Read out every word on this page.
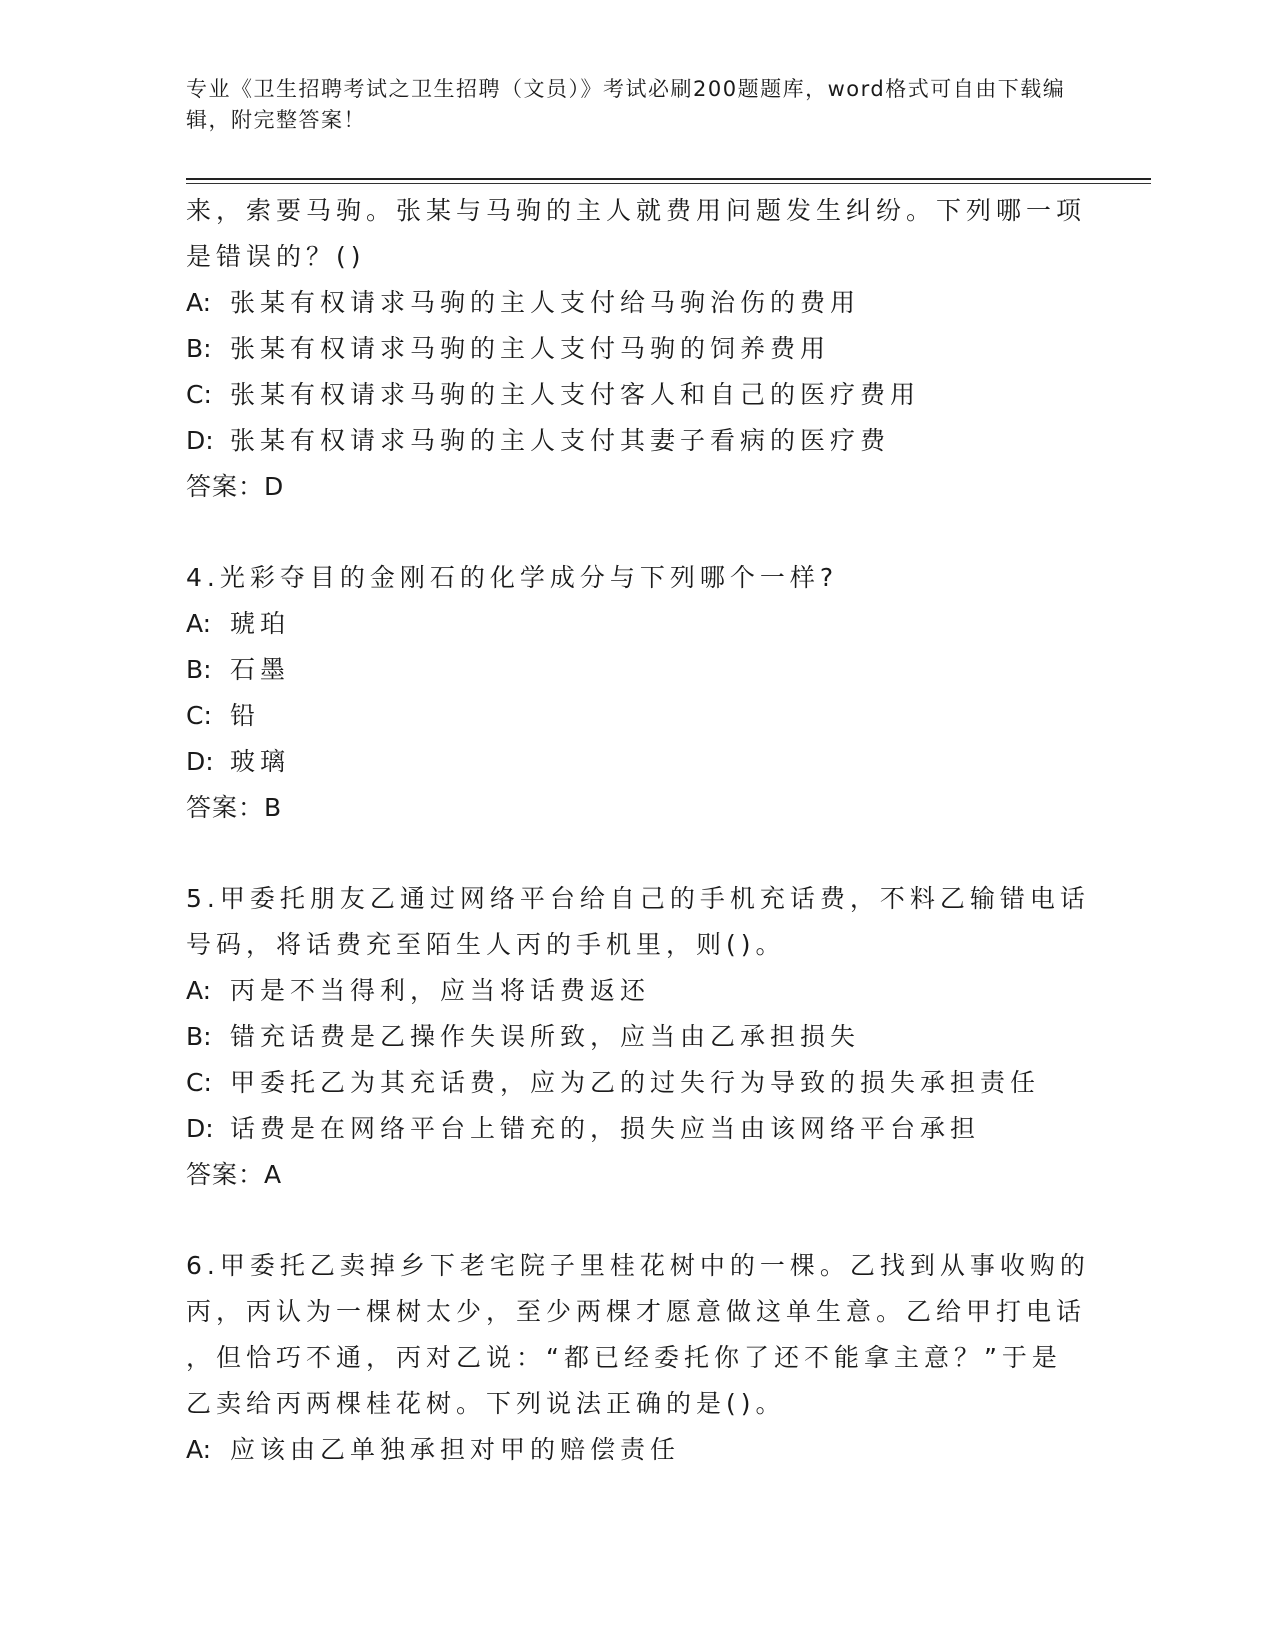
专业《卫生招聘考试之卫生招聘（文员）》考试必刷200题题库，word格式可自由下载编辑，附完整答案！
来，索要马驹。张某与马驹的主人就费用问题发生纠纷。下列哪一项
是错误的？()
A: 张某有权请求马驹的主人支付给马驹治伤的费用
B: 张某有权请求马驹的主人支付马驹的饲养费用
C: 张某有权请求马驹的主人支付客人和自己的医疗费用
D: 张某有权请求马驹的主人支付其妻子看病的医疗费
答案：D
4.光彩夺目的金刚石的化学成分与下列哪个一样?
A: 琥珀
B: 石墨
C: 铅
D: 玻璃
答案：B
5.甲委托朋友乙通过网络平台给自己的手机充话费，不料乙输错电话
号码，将话费充至陌生人丙的手机里，则()。
A: 丙是不当得利，应当将话费返还
B: 错充话费是乙操作失误所致，应当由乙承担损失
C: 甲委托乙为其充话费，应为乙的过失行为导致的损失承担责任
D: 话费是在网络平台上错充的，损失应当由该网络平台承担
答案：A
6.甲委托乙卖掉乡下老宅院子里桂花树中的一棵。乙找到从事收购的
丙，丙认为一棵树太少，至少两棵才愿意做这单生意。乙给甲打电话
，但恰巧不通，丙对乙说：“都已经委托你了还不能拿主意？”于是
乙卖给丙两棵桂花树。下列说法正确的是()。
A: 应该由乙单独承担对甲的赔偿责任
